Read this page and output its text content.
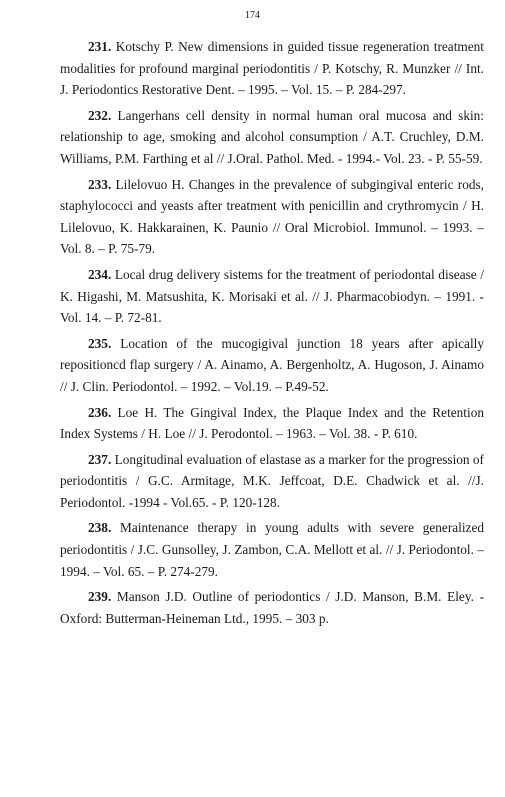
174

231. Kotschy P. New dimensions in guided tissue regeneration treatment modalities for profound marginal periodontitis / P. Kotschy, R. Munzker // Int. J. Periodontics Restorative Dent. – 1995. – Vol. 15. – P. 284-297.

232. Langerhans cell density in normal human oral mucosa and skin: relationship to age, smoking and alcohol consumption / A.T. Cruchley, D.M. Williams, P.M. Farthing et al // J.Oral. Pathol. Med. - 1994.- Vol. 23. - P. 55-59.

233. Lilelovuo H. Changes in the prevalence of subgingival enteric rods, staphylococci and yeasts after treatment with penicillin and crythromycin / H. Lilelovuo, K. Hakkarainen, K. Paunio // Oral Microbiol. Immunol. – 1993. – Vol. 8. – P. 75-79.

234. Local drug delivery sistems for the treatment of periodontal disease / K. Higashi, M. Matsushita, K. Morisaki et al. // J. Pharmacobiodyn. – 1991. - Vol. 14. – P. 72-81.

235. Location of the mucogigival junction 18 years after apically repositioncd flap surgery / A. Ainamo, A. Bergenholtz, A. Hugoson, J. Ainamo // J. Clin. Periodontol. – 1992. – Vol.19. – P.49-52.

236. Loe H. The Gingival Index, the Plaque Index and the Retention Index Systems / H. Loe // J. Perodontol. – 1963. – Vol. 38. - P. 610.

237. Longitudinal evaluation of elastase as a marker for the progression of periodontitis / G.C. Armitage, M.K. Jeffcoat, D.E. Chadwick et al. //J. Periodontol. -1994 - Vol.65. - P. 120-128.

238. Maintenance therapy in young adults with severe generalized periodontitis / J.C. Gunsolley, J. Zambon, C.A. Mellott et al. // J. Periodontol. – 1994. – Vol. 65. – P. 274-279.

239. Manson J.D. Outline of periodontics / J.D. Manson, B.M. Eley. - Oxford: Butterman-Heineman Ltd., 1995. – 303 p.
